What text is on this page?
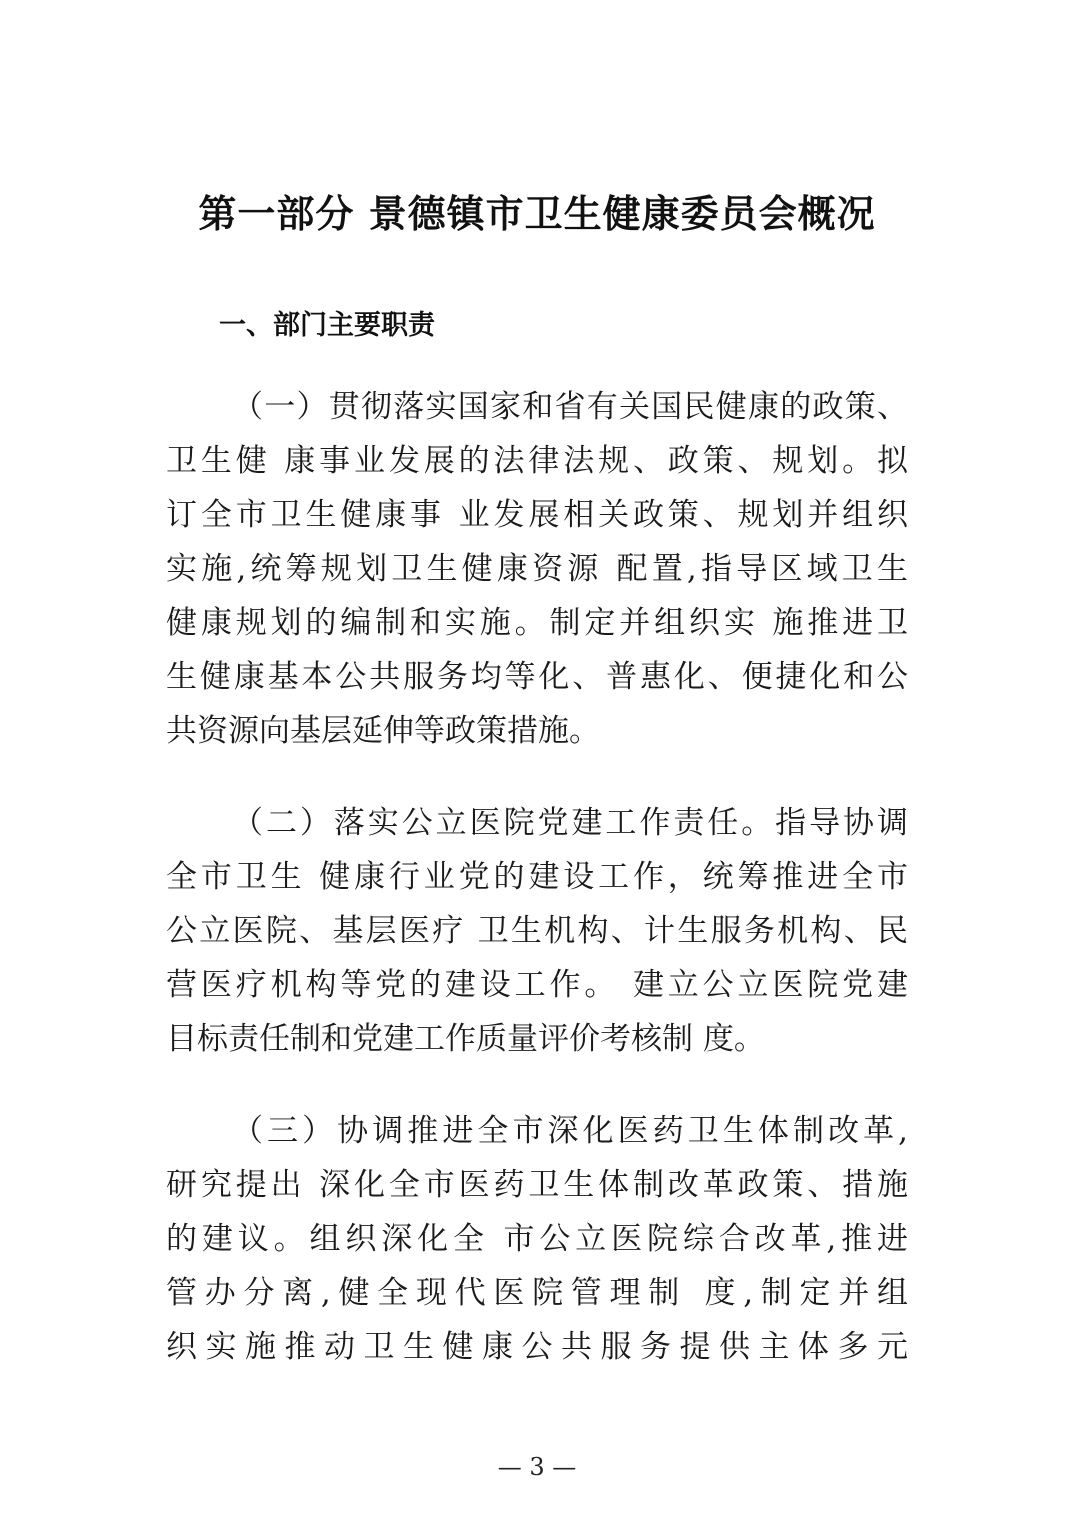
第一部分 景德镇市卫生健康委员会概况
一、部门主要职责
（一）贯彻落实国家和省有关国民健康的政策、
卫生健 康事业发展的法律法规、政策、规划。拟
订全市卫生健康事 业发展相关政策、规划并组织
实施,统筹规划卫生健康资源 配置,指导区域卫生
健康规划的编制和实施。制定并组织实 施推进卫
生健康基本公共服务均等化、普惠化、便捷化和公
共资源向基层延伸等政策措施。
（二）落实公立医院党建工作责任。指导协调
全市卫生 健康行业党的建设工作，统筹推进全市
公立医院、基层医疗 卫生机构、计生服务机构、民
营医疗机构等党的建设工作。 建立公立医院党建
目标责任制和党建工作质量评价考核制 度。
（三）协调推进全市深化医药卫生体制改革,
研究提出 深化全市医药卫生体制改革政策、措施
的建议。组织深化全 市公立医院综合改革,推进
管办分离,健全现代医院管理制 度,制定并组
织实施推动卫生健康公共服务提供主体多元
— 3 —
